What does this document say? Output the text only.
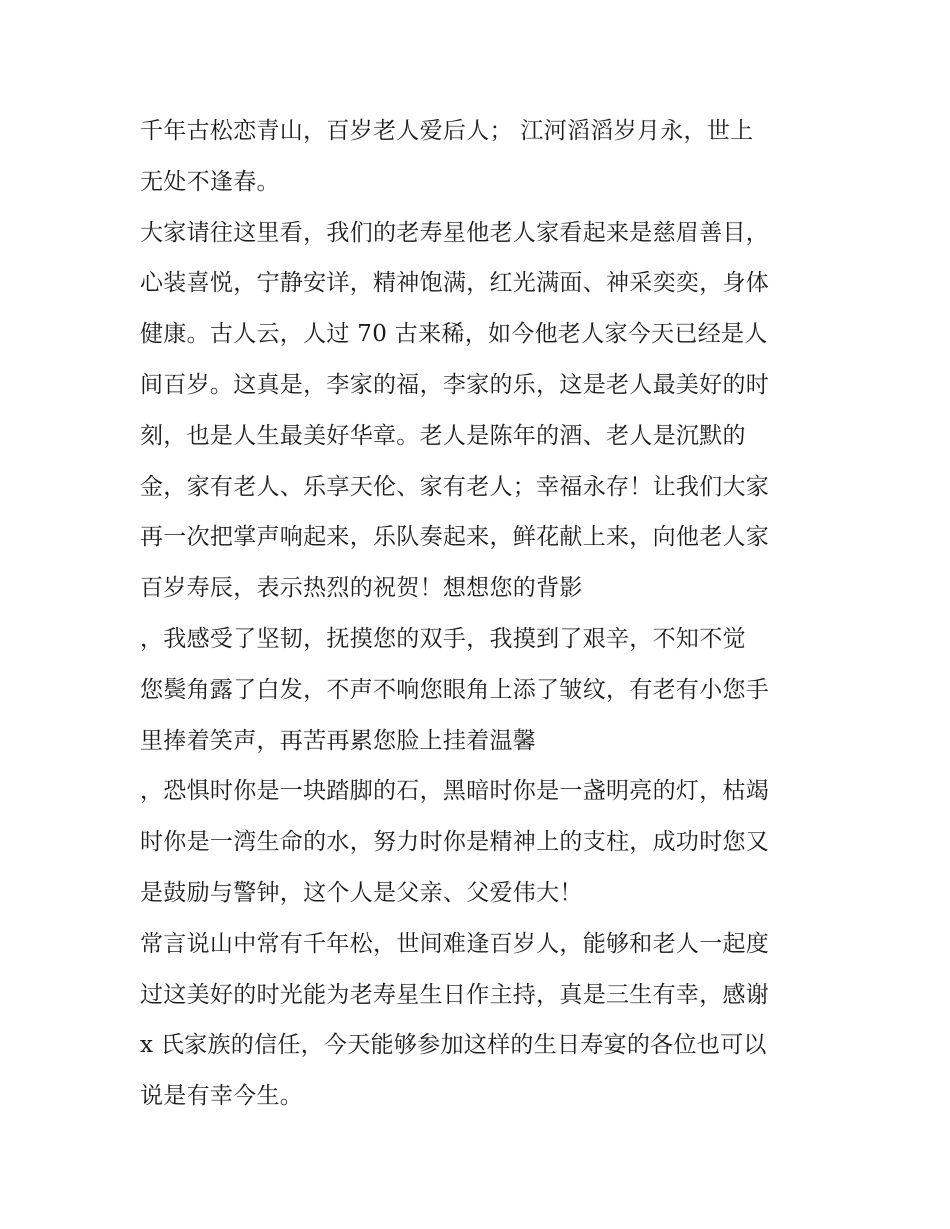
千年古松恋青山，百岁老人爱后人； 江河滔滔岁月永，世上
无处不逢春。
大家请往这里看，我们的老寿星他老人家看起来是慈眉善目，
心装喜悦，宁静安详，精神饱满，红光满面、神采奕奕，身体
健康。古人云，人过 70 古来稀，如今他老人家今天已经是人
间百岁。这真是，李家的福，李家的乐，这是老人最美好的时
刻，也是人生最美好华章。老人是陈年的酒、老人是沉默的
金，家有老人、乐享天伦、家有老人；幸福永存！让我们大家
再一次把掌声响起来，乐队奏起来，鲜花献上来，向他老人家
百岁寿辰，表示热烈的祝贺！想想您的背影
，我感受了坚韧，抚摸您的双手，我摸到了艰辛，不知不觉
您鬓角露了白发，不声不响您眼角上添了皱纹，有老有小您手
里捧着笑声，再苦再累您脸上挂着温馨
，恐惧时你是一块踏脚的石，黑暗时你是一盏明亮的灯，枯竭
时你是一湾生命的水，努力时你是精神上的支柱，成功时您又
是鼓励与警钟，这个人是父亲、父爱伟大！
常言说山中常有千年松，世间难逢百岁人，能够和老人一起度
过这美好的时光能为老寿星生日作主持，真是三生有幸，感谢
x 氏家族的信任，今天能够参加这样的生日寿宴的各位也可以
说是有幸今生。
